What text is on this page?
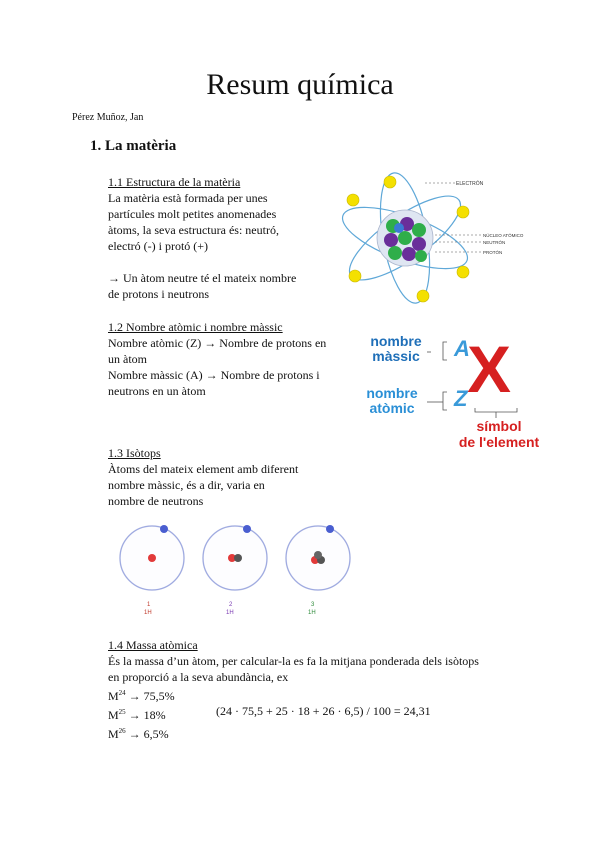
Resum química
Pérez Muñoz, Jan
1. La matèria
1.1 Estructura de la matèria
La matèria està formada per unes
partícules molt petites anomenades
àtoms, la seva estructura és: neutró,
electró (-) i protó (+)
→ Un àtom neutre té el mateix nombre
de protons i neutrons
ELECTRÓN
NÚCLEO ATÓMICO
NEUTRÓN
PROTÓN
1.2 Nombre atòmic i nombre màssic
Nombre atòmic (Z) → Nombre de protons en
un àtom
Nombre màssic (A) → Nombre de protons i
neutrons en un àtom
nombre
màssic
nombre
atòmic
A
Z X
símbol
de l'element
1.3 Isòtops
Àtoms del mateix element amb diferent
nombre màssic, és a dir, varia en
nombre de neutrons
1
1H
2
1H
3
1H
1.4 Massa atòmica
És la massa d’un àtom, per calcular-la es fa la mitjana ponderada dels isòtops
en proporció a la seva abundància, ex
$M^{24} \to 75,5\%$
$M^{25} \to 18\%$
$M^{26} \to 6,5\%$
(24 · 75,5 + 25 · 18 + 26 · 6,5) / 100 = 24,31
